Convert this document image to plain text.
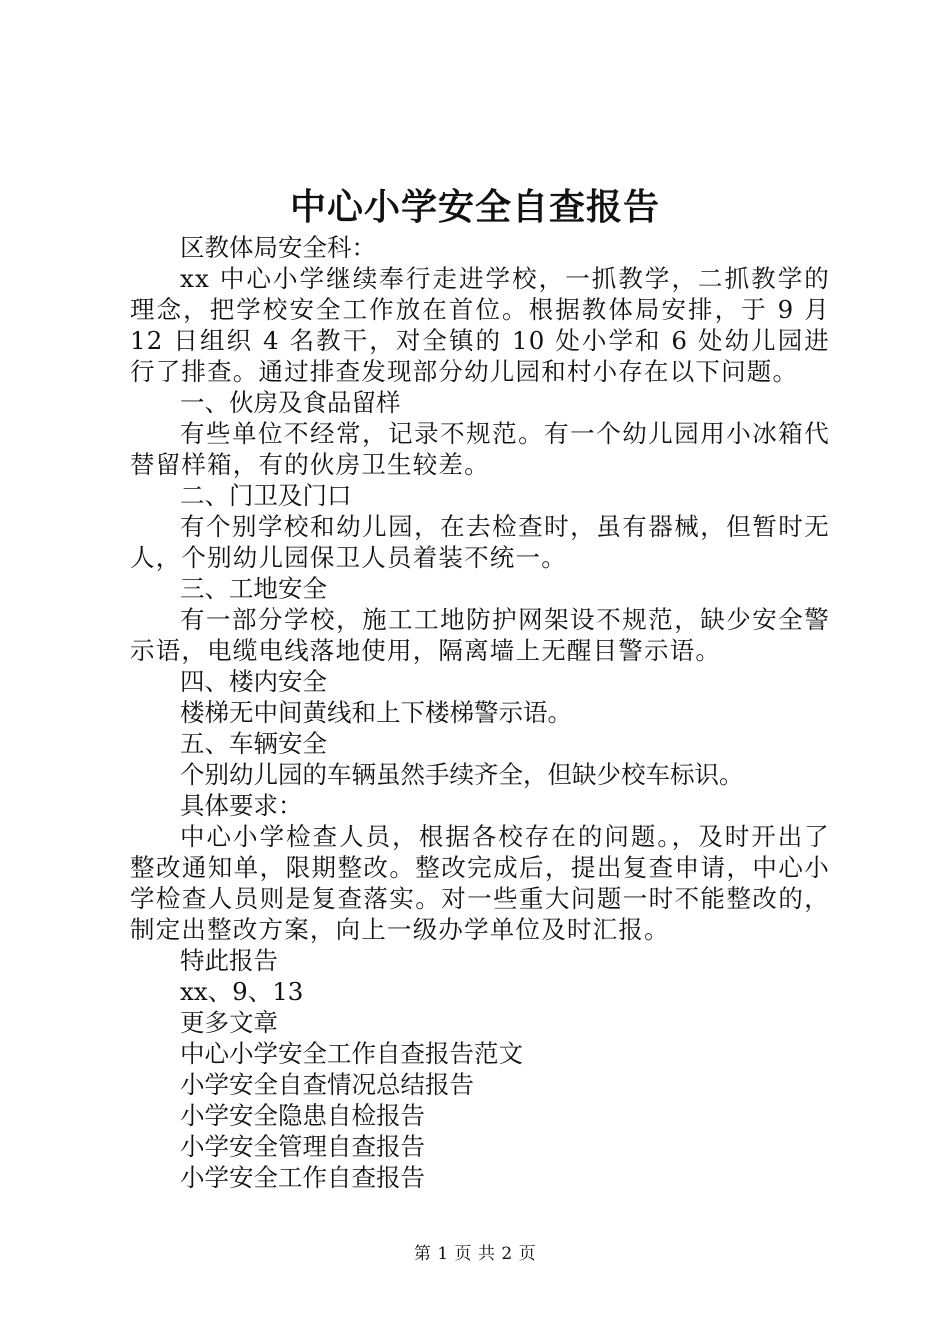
中心小学安全自查报告

区教体局安全科：

xx 中心小学继续奉行走进学校，一抓教学，二抓教学的理念，把学校安全工作放在首位。根据教体局安排，于 9 月 12 日组织 4 名教干，对全镇的 10 处小学和 6 处幼儿园进行了排查。通过排查发现部分幼儿园和村小存在以下问题。

一、伙房及食品留样

有些单位不经常，记录不规范。有一个幼儿园用小冰箱代替留样箱，有的伙房卫生较差。

二、门卫及门口

有个别学校和幼儿园，在去检查时，虽有器械，但暂时无人，个别幼儿园保卫人员着装不统一。

三、工地安全

有一部分学校，施工工地防护网架设不规范，缺少安全警示语，电缆电线落地使用，隔离墙上无醒目警示语。

四、楼内安全

楼梯无中间黄线和上下楼梯警示语。

五、车辆安全

个别幼儿园的车辆虽然手续齐全，但缺少校车标识。

具体要求：

中心小学检查人员，根据各校存在的问题。，及时开出了整改通知单，限期整改。整改完成后，提出复查申请，中心小学检查人员则是复查落实。对一些重大问题一时不能整改的，制定出整改方案，向上一级办学单位及时汇报。

特此报告

xx、9、13

更多文章

中心小学安全工作自查报告范文
小学安全自查情况总结报告
小学安全隐患自检报告
小学安全管理自查报告
小学安全工作自查报告
第 1 页 共 2 页
